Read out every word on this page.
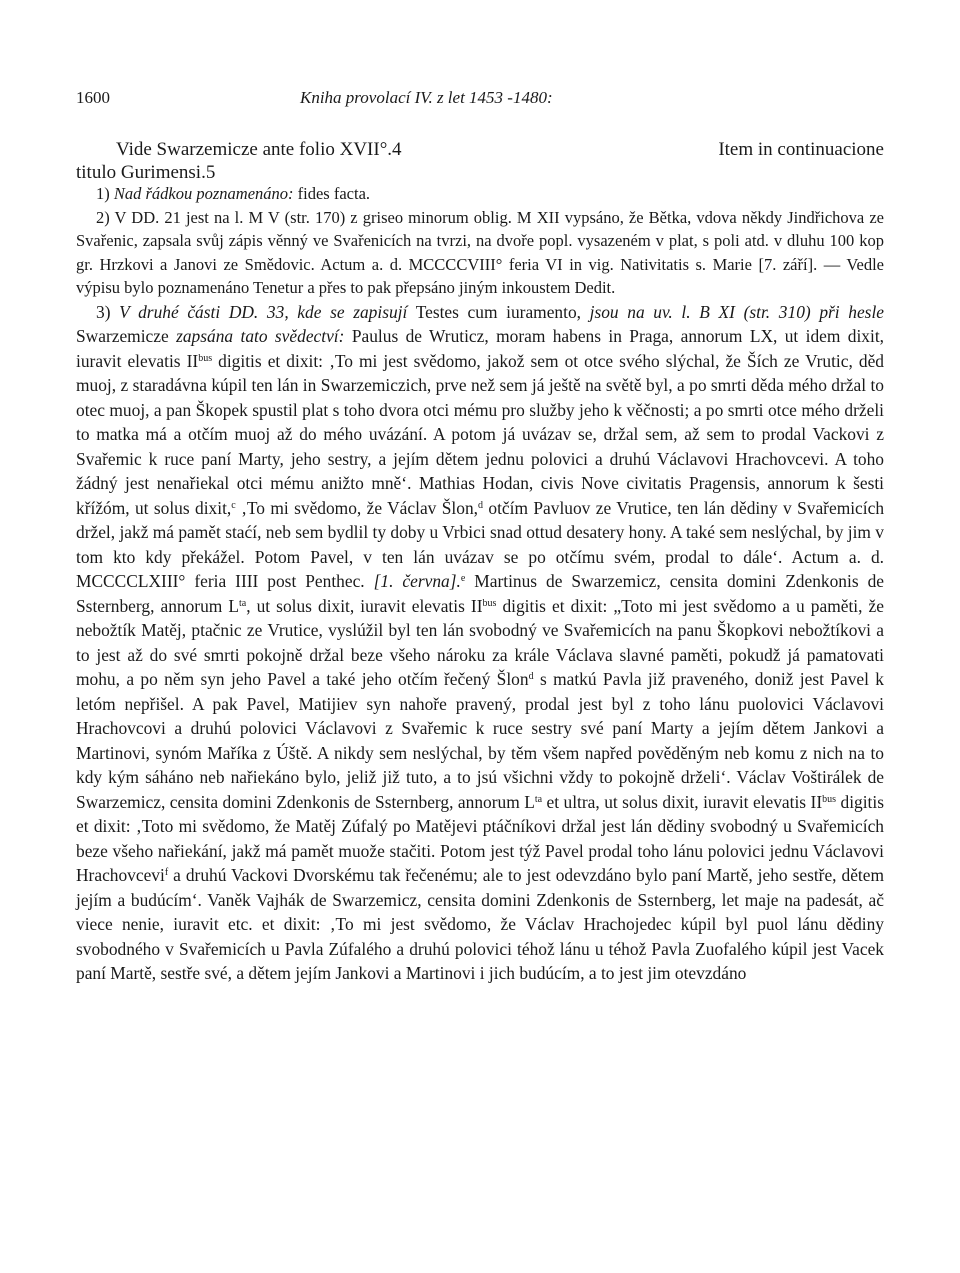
1600	Kniha provolací IV. z let 1453 -1480:
Vide Swarzemicze ante folio XVII°.4	Item in continuacione
titulo Gurimensi.5

1) Nad řádkou poznamenáno: fides facta.

2) V DD. 21 jest na l. M V (str. 170) z griseo minorum oblig. M XII vypsáno, že Bětka, vdova někdy Jindřichova ze Svařenic, zapsala svůj zápis věnný ve Svařenicích na tvrzi, na dvoře popl. vysazeném v plat, s poli atd. v dluhu 100 kop gr. Hrzkovi a Janovi ze Smědovic. Actum a. d. MCCCCVIII° feria VI in vig. Nativitatis s. Marie [7. září]. — Vedle výpisu bylo poznamenáno Tenetur a přes to pak přepsáno jiným inkoustem Dedit.

3) V druhé části DD. 33, kde se zapisují Testes cum iuramento, jsou na uv. l. B XI (str. 310) při hesle Swarzemicze zapsána tato svědectví: Paulus de Wruticz, moram habens in Praga, annorum LX, ut idem dixit, iuravit elevatis $II^{bus}$ digitis et dixit: ‚To mi jest svědomo, jakož sem ot otce svého slýchal, že Ších ze Vrutic, děd muoj, z staradávna kúpil ten lán in Swarzemiczich, prve než sem já ještě na světě byl, a po smrti děda mého držal to otec muoj, a pan Škopek spustil plat s toho dvora otci mému pro služby jeho k věčnosti; a po smrti otce mého drželi to matka má a otčím muoj až do mého uvázání. A potom já uvázav se, držal sem, až sem to prodal Vackovi z Svařemic k rucе paní Marty, jeho sestry, a jejím dětem jednu polovici a druhú Václavovi Hrachovcevi. A toho žádný jest nenařiekal otci mému anižto mně‘. Mathias Hodan, civis Nove civitatis Pragensis, annorum k šesti křížóm, ut solus dixit,$^c$ ‚To mi svědomo, že Václav Šlon,$^d$ otčím Pavluov ze Vrutice, ten lán dědiny v Svařemicích držel, jakž má pamět staćí, neb sem bydlil ty doby u Vrbici snad ottud desatery hony. A také sem neslýchal, by jim v tom kto kdy překážel. Potom Pavel, v ten lán uvázav se po otčímu svém, prodal to dále‘. Actum a. d. MCCCCLXIII° feria IIII post Penthec. [1. června].$^e$ Martinus de Swarzemicz, censita domini Zdenkonis de Ssternberg, annorum $L^{ta}$, ut solus dixit, iuravit elevatis $II^{bus}$ digitis et dixit: „Toto mi jest svědomo a u paměti, že nebožtík Matěj, ptačnic ze Vrutice, vyslúžil byl ten lán svobodný ve Svařemicích na panu Škopkovi nebožtíkovi a to jest až do své smrti pokojně držal beze všeho nároku za krále Václava slavné paměti, pokudž já pamatovati mohu, a po něm syn jeho Pavel a také jeho otčím řečený Šlon$^d$ s matkú Pavla již praveného, doniž jest Pavel k letóm nepřišel. A pak Pavel, Matijiev syn nahoře pravený, prodal jest byl z toho lánu puolovici Václavovi Hrachovcovi a druhú polovici Václavovi z Svařemic k ruce sestry své paní Marty a jejím dětem Jankovi a Martinovi, synóm Maříka z Úště. A nikdy sem neslýchal, by těm všem napřed pověděným neb komu z nich na to kdy kým sáháno neb nařiekáno bylo, jeliž již tuto, a to jsú všichni vždy to pokojně drželi‘. Václav Voštirálek de Swarzemicz, censita domini Zdenkonis de Ssternberg, annorum $L^{ta}$ et ultra, ut solus dixit, iuravit elevatis $II^{bus}$ digitis et dixit: ‚Toto mi svědomo, že Matěj Zúfalý po Matějevi ptáčníkovi držal jest lán dědiny svobodný u Svařemicích beze všeho nařiekání, jakž má pamět muože stačiti. Potom jest týž Pavel prodal toho lánu polovici jednu Václavovi Hrachovcevi$^f$ a druhú Vackovi Dvorskému tak řečenému; ale to jest odevzdáno bylo paní Martě, jeho sestře, dětem jejím a budúcím‘. Vaněk Vajhák de Swarzemicz, censita domini Zdenkonis de Ssternberg, let maje na padesát, ač viece nenie, iuravit etc. et dixit: ‚To mi jest svědomo, že Václav Hrachojedec kúpil byl puol lánu dědiny svobodného v Svařemicích u Pavla Zúfalého a druhú polovici téhož lánu u téhož Pavla Zuofalého kúpil jest Vacek paní Martě, sestře své, a dětem jejím Jankovi a Martinovi i jich budúcím, a to jest jim otevzdáno
